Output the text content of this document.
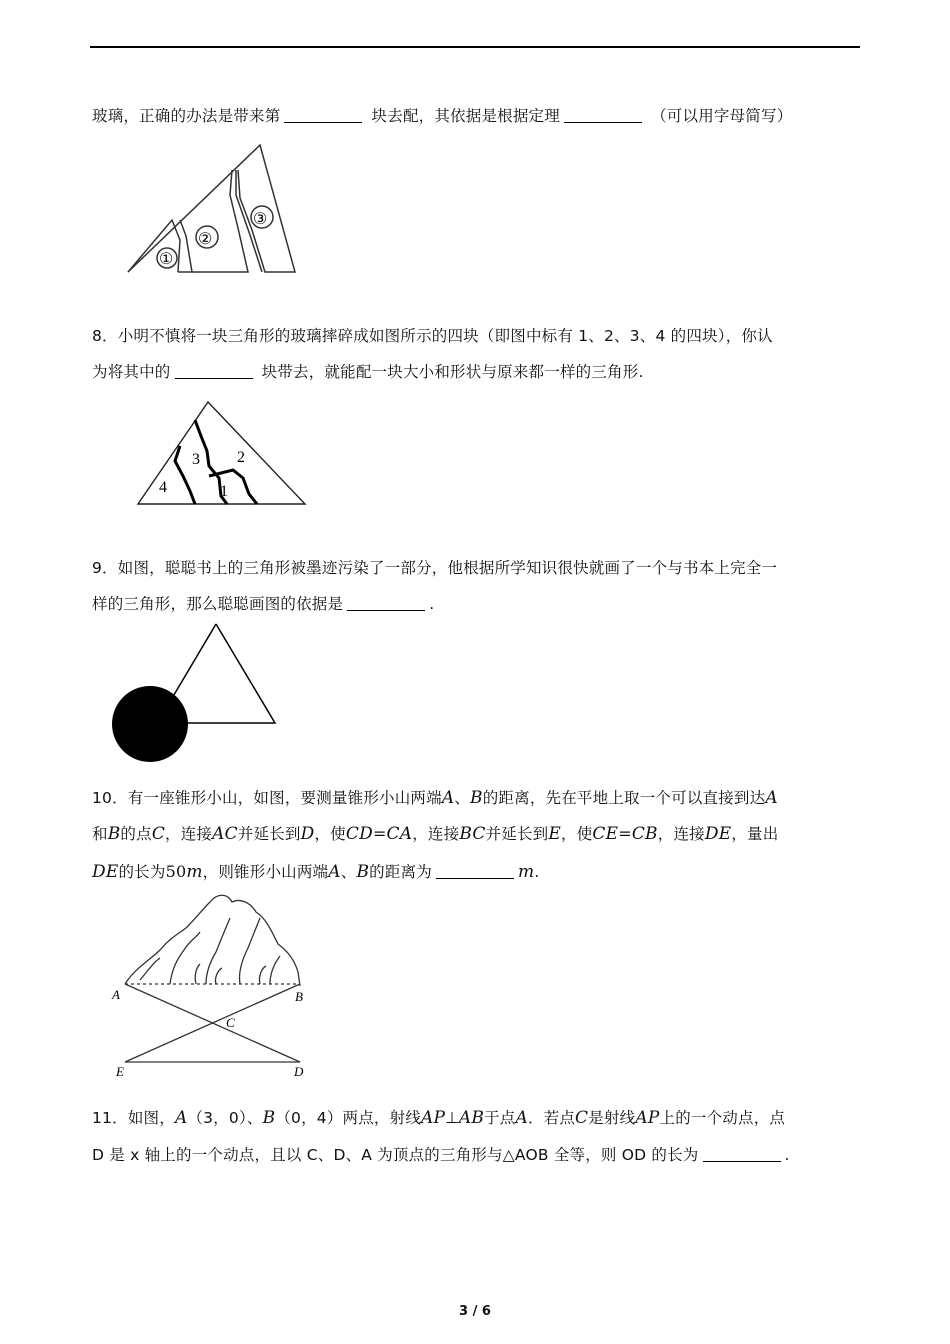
玻璃，正确的办法是带来第	块去配，其依据是根据定理	（可以用字母简写）
①
②
③
8．小明不慎将一块三角形的玻璃摔碎成如图所示的四块（即图中标有 1、2、3、4 的四块），你认
为将其中的	块带去，就能配一块大小和形状与原来都一样的三角形.
1
2
3
4
9．如图，聪聪书上的三角形被墨迹污染了一部分，他根据所学知识很快就画了一个与书本上完全一
样的三角形，那么聪聪画图的依据是	.
10．有一座锥形小山，如图，要测量锥形小山两端A、B的距离，先在平地上取一个可以直接到达A
和B的点C，连接AC并延长到D，使CD=CA，连接BC并延长到E，使CE=CB，连接DE，量出
DE的长为50m，则锥形小山两端A、B的距离为	m.
A	B
C
E	D
11．如图，A（3，0）、B（0，4）两点，射线AP⊥AB于点A．若点C是射线AP上的一个动点，点
D 是 x 轴上的一个动点，且以 C、D、A 为顶点的三角形与△AOB 全等，则 OD 的长为	.
3 / 6
